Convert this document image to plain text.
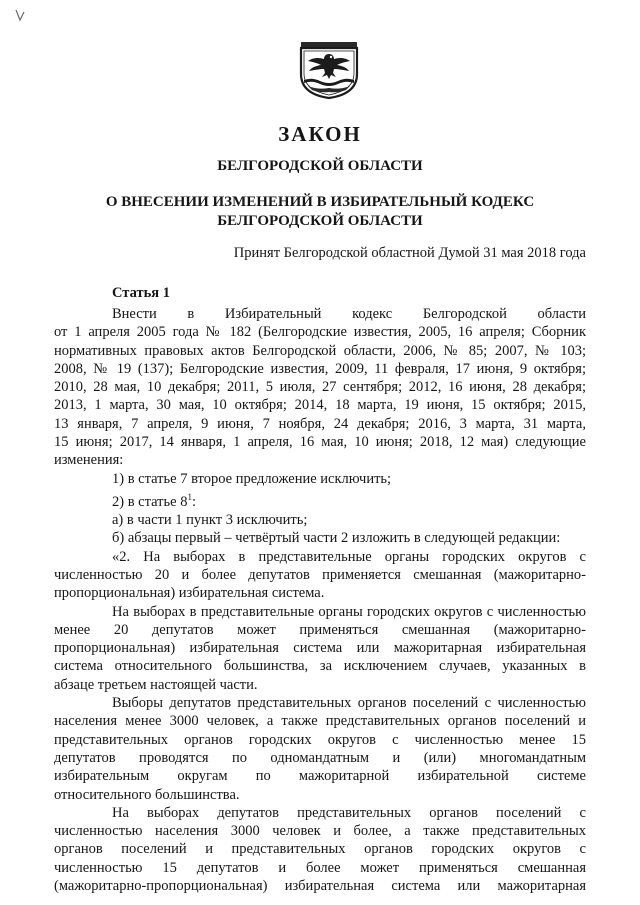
ЗАКОН
БЕЛГОРОДСКОЙ ОБЛАСТИ
О ВНЕСЕНИИ ИЗМЕНЕНИЙ В ИЗБИРАТЕЛЬНЫЙ КОДЕКС
БЕЛГОРОДСКОЙ ОБЛАСТИ

Принят Белгородской областной Думой 31 мая 2018 года

Статья 1

Внести в Избирательный кодекс Белгородской области

от 1 апреля 2005 года № 182 (Белгородские известия, 2005, 16 апреля; Сборник

нормативных правовых актов Белгородской области, 2006, № 85; 2007, № 103;

2008, № 19 (137); Белгородские известия, 2009, 11 февраля, 17 июня, 9 октября;

2010, 28 мая, 10 декабря; 2011, 5 июля, 27 сентября; 2012, 16 июня, 28 декабря;

2013, 1 марта, 30 мая, 10 октября; 2014, 18 марта, 19 июня, 15 октября; 2015,

13 января, 7 апреля, 9 июня, 7 ноября, 24 декабря; 2016, 3 марта, 31 марта,

15 июня; 2017, 14 января, 1 апреля, 16 мая, 10 июня; 2018, 12 мая) следующие

изменения:

1) в статье 7 второе предложение исключить;

2) в статье $8^1$:

а) в части 1 пункт 3 исключить;

б) абзацы первый – четвёртый части 2 изложить в следующей редакции:

«2. На выборах в представительные органы городских округов с

численностью 20 и более депутатов применяется смешанная (мажоритарно-

пропорциональная) избирательная система.

На выборах в представительные органы городских округов с численностью

менее 20 депутатов может применяться смешанная (мажоритарно-

пропорциональная) избирательная система или мажоритарная избирательная

система относительного большинства, за исключением случаев, указанных в

абзаце третьем настоящей части.

Выборы депутатов представительных органов поселений с численностью

населения менее 3000 человек, а также представительных органов поселений и

представительных органов городских округов с численностью менее 15

депутатов проводятся по одномандатным и (или) многомандатным

избирательным округам по мажоритарной избирательной системе

относительного большинства.

На выборах депутатов представительных органов поселений с

численностью населения 3000 человек и более, а также представительных

органов поселений и представительных органов городских округов с

численностью 15 депутатов и более может применяться смешанная

(мажоритарно-пропорциональная) избирательная система или мажоритарная
